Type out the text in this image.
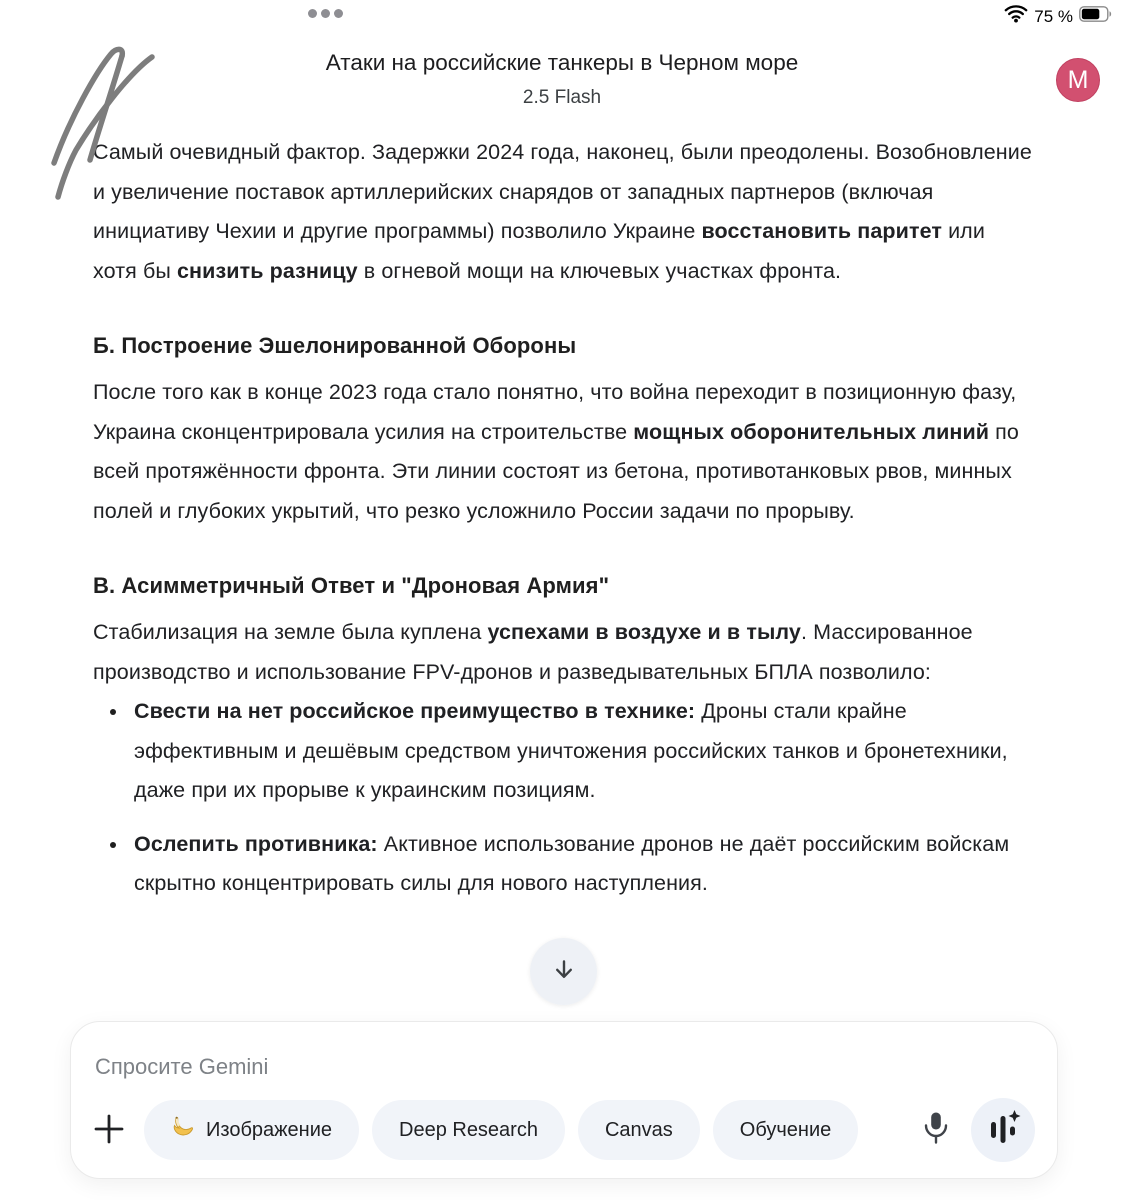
75 %
Атаки на российские танкеры в Черном море
2.5 Flash
M

Самый очевидный фактор. Задержки 2024 года, наконец, были преодолены. Возобновление и увеличение поставок артиллерийских снарядов от западных партнеров (включая инициативу Чехии и другие программы) позволило Украине восстановить паритет или хотя бы снизить разницу в огневой мощи на ключевых участках фронта.

Б. Построение Эшелонированной Обороны

После того как в конце 2023 года стало понятно, что война переходит в позиционную фазу, Украина сконцентрировала усилия на строительстве мощных оборонительных линий по всей протяжённости фронта. Эти линии состоят из бетона, противотанковых рвов, минных полей и глубоких укрытий, что резко усложнило России задачи по прорыву.

В. Асимметричный Ответ и "Дроновая Армия"

Стабилизация на земле была куплена успехами в воздухе и в тылу. Массированное производство и использование FPV-дронов и разведывательных БПЛА позволило:

Свести на нет российское преимущество в технике: Дроны стали крайне эффективным и дешёвым средством уничтожения российских танков и бронетехники, даже при их прорыве к украинским позициям.
Ослепить противника: Активное использование дронов не даёт российским войскам скрытно концентрировать силы для нового наступления.
Спросите Gemini
Изображение	Deep Research	Canvas	Обучение
